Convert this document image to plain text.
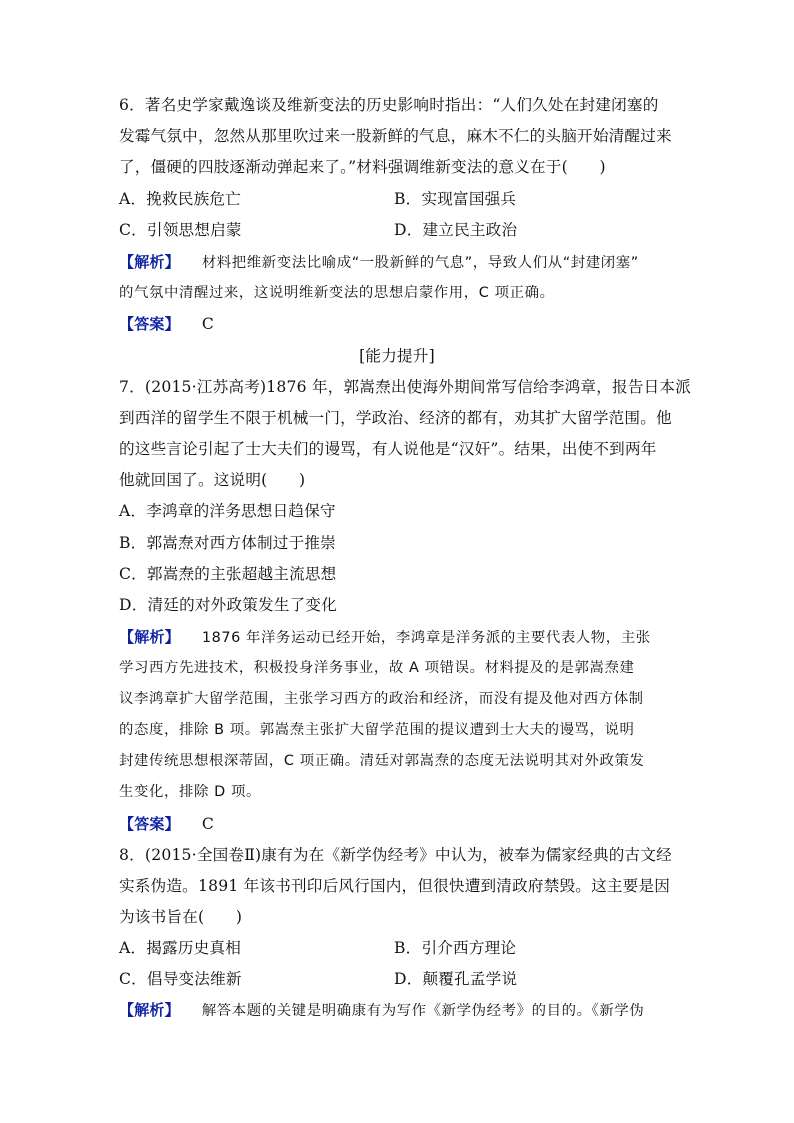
6．著名史学家戴逸谈及维新变法的历史影响时指出：“人们久处在封建闭塞的
发霉气氛中，忽然从那里吹过来一股新鲜的气息，麻木不仁的头脑开始清醒过来
了，僵硬的四肢逐渐动弹起来了。”材料强调维新变法的意义在于(　　)
A．挽救民族危亡	B．实现富国强兵
C．引领思想启蒙	D．建立民主政治
【解析】 材料把维新变法比喻成“一股新鲜的气息”，导致人们从“封建闭塞”
的气氛中清醒过来，这说明维新变法的思想启蒙作用，C 项正确。
【答案】 C
[能力提升]
7．(2015·江苏高考)1876 年，郭嵩焘出使海外期间常写信给李鸿章，报告日本派
到西洋的留学生不限于机械一门，学政治、经济的都有，劝其扩大留学范围。他
的这些言论引起了士大夫们的谩骂，有人说他是“汉奸”。结果，出使不到两年
他就回国了。这说明(　　)
A．李鸿章的洋务思想日趋保守
B．郭嵩焘对西方体制过于推崇
C．郭嵩焘的主张超越主流思想
D．清廷的对外政策发生了变化
【解析】 1876 年洋务运动已经开始，李鸿章是洋务派的主要代表人物，主张
学习西方先进技术，积极投身洋务事业，故 A 项错误。材料提及的是郭嵩焘建
议李鸿章扩大留学范围，主张学习西方的政治和经济，而没有提及他对西方体制
的态度，排除 B 项。郭嵩焘主张扩大留学范围的提议遭到士大夫的谩骂，说明
封建传统思想根深蒂固，C 项正确。清廷对郭嵩焘的态度无法说明其对外政策发
生变化，排除 D 项。
【答案】 C
8．(2015·全国卷Ⅱ)康有为在《新学伪经考》中认为，被奉为儒家经典的古文经
实系伪造。1891 年该书刊印后风行国内，但很快遭到清政府禁毁。这主要是因
为该书旨在(　　)
A．揭露历史真相	B．引介西方理论
C．倡导变法维新	D．颠覆孔孟学说
【解析】 解答本题的关键是明确康有为写作《新学伪经考》的目的。《新学伪
